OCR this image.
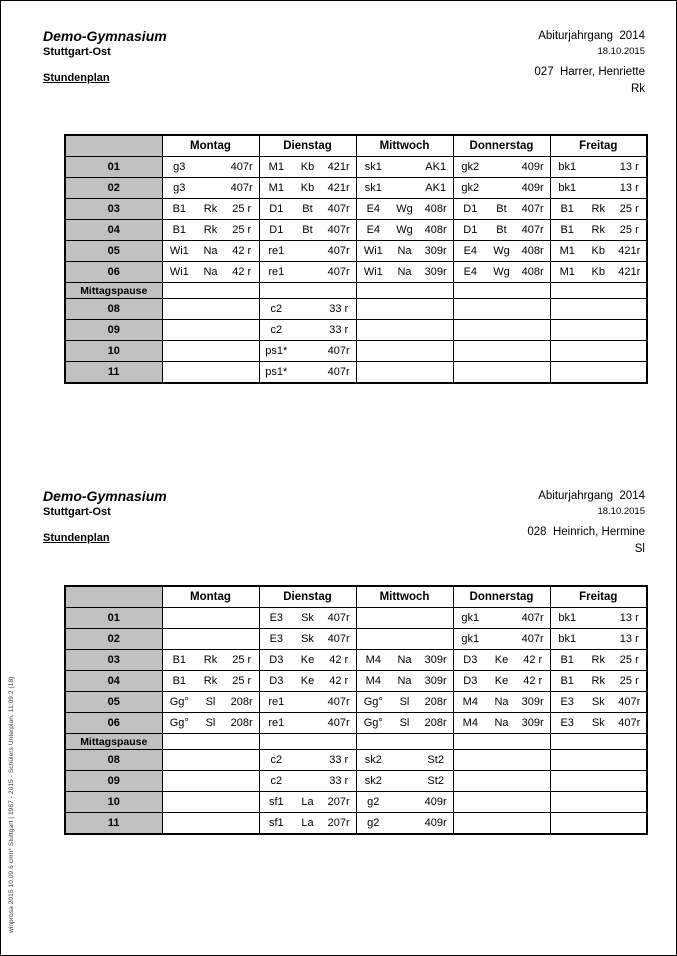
winprosa 2015 10.09.6 cmh* Stuttgart | 1987 - 2015 - Schülers Unterplan, 11:09:2 (18)
Demo-Gymnasium
Stuttgart-Ost
Stundenplan
Abiturjahrgang  2014
18.10.2015
027  Harrer, Henriette
Rk
	Montag	Dienstag	Mittwoch	Donnerstag	Freitag
01	g3 407r	M1 Kb 421r	sk1 AK1	gk2 409r	bk1 13 r

02	g3 407r	M1 Kb 421r	sk1 AK1	gk2 409r	bk1 13 r

03	B1 Rk 25 r	D1 Bt 407r	E4 Wg 408r	D1 Bt 407r	B1 Rk 25 r

04	B1 Rk 25 r	D1 Bt 407r	E4 Wg 408r	D1 Bt 407r	B1 Rk 25 r

05	Wi1 Na 42 r	re1 407r	Wi1 Na 309r	E4 Wg 408r	M1 Kb 421r

06	Wi1 Na 42 r	re1 407r	Wi1 Na 309r	E4 Wg 408r	M1 Kb 421r

Mittagspause	

08		c2 33 r			

09		c2 33 r			

10		ps1* 407r			

11		ps1* 407r			

Demo-Gymnasium
Stuttgart-Ost
Stundenplan
Abiturjahrgang  2014
18.10.2015
028  Heinrich, Hermine
Sl
	Montag	Dienstag	Mittwoch	Donnerstag	Freitag
01		E3 Sk 407r		gk1 407r	bk1 13 r

02		E3 Sk 407r		gk1 407r	bk1 13 r

03	B1 Rk 25 r	D3 Ke 42 r	M4 Na 309r	D3 Ke 42 r	B1 Rk 25 r

04	B1 Rk 25 r	D3 Ke 42 r	M4 Na 309r	D3 Ke 42 r	B1 Rk 25 r

05	Gg° Sl 208r	re1 407r	Gg° Sl 208r	M4 Na 309r	E3 Sk 407r

06	Gg° Sl 208r	re1 407r	Gg° Sl 208r	M4 Na 309r	E3 Sk 407r

Mittagspause	

08		c2 33 r	sk2 St2		

09		c2 33 r	sk2 St2		

10		sf1 La 207r	g2 409r		

11		sf1 La 207r	g2 409r		
